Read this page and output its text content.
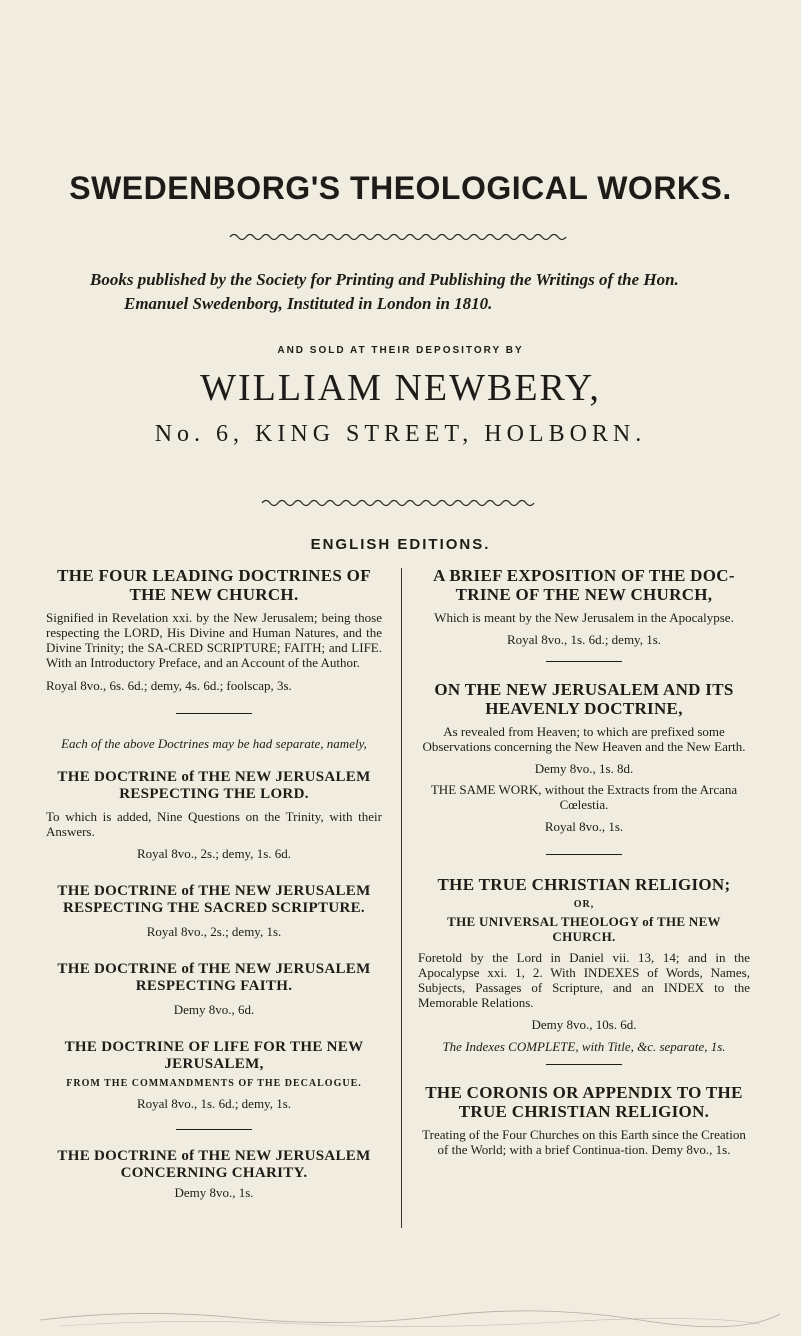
SWEDENBORG'S THEOLOGICAL WORKS.
Books published by the Society for Printing and Publishing the Writings of the Hon.
Emanuel Swedenborg, Instituted in London in 1810.
AND SOLD AT THEIR DEPOSITORY BY
WILLIAM NEWBERY,
No. 6, KING STREET, HOLBORN.
ENGLISH EDITIONS.

THE FOUR LEADING DOCTRINES OF THE NEW CHURCH.

Signified in Revelation xxi. by the New Jerusalem; being those respecting the LORD, His Divine and Human Natures, and the Divine Trinity; the SA-CRED SCRIPTURE; FAITH; and LIFE. With an Introductory Preface, and an Account of the Author.

Royal 8vo., 6s. 6d.; demy, 4s. 6d.; foolscap, 3s.

Each of the above Doctrines may be had separate, namely,

THE DOCTRINE of THE NEW JERUSALEM RESPECTING THE LORD.

To which is added, Nine Questions on the Trinity, with their Answers.

Royal 8vo., 2s.; demy, 1s. 6d.

THE DOCTRINE of THE NEW JERUSALEM RESPECTING THE SACRED SCRIPTURE.

Royal 8vo., 2s.; demy, 1s.

THE DOCTRINE of THE NEW JERUSALEM RESPECTING FAITH.

Demy 8vo., 6d.

THE DOCTRINE OF LIFE FOR THE NEW JERUSALEM,

FROM THE COMMANDMENTS OF THE DECALOGUE.

Royal 8vo., 1s. 6d.; demy, 1s.

THE DOCTRINE of THE NEW JERUSALEM CONCERNING CHARITY.

Demy 8vo., 1s.

A BRIEF EXPOSITION OF THE DOC-TRINE OF THE NEW CHURCH,

Which is meant by the New Jerusalem in the Apocalypse.

Royal 8vo., 1s. 6d.; demy, 1s.

ON THE NEW JERUSALEM AND ITS HEAVENLY DOCTRINE,

As revealed from Heaven; to which are prefixed some Observations concerning the New Heaven and the New Earth.

Demy 8vo., 1s. 8d.

THE SAME WORK, without the Extracts from the Arcana Cœlestia.

Royal 8vo., 1s.

THE TRUE CHRISTIAN RELIGION;

OR,

THE UNIVERSAL THEOLOGY of THE NEW CHURCH.

Foretold by the Lord in Daniel vii. 13, 14; and in the Apocalypse xxi. 1, 2. With INDEXES of Words, Names, Subjects, Passages of Scripture, and an INDEX to the Memorable Relations.

Demy 8vo., 10s. 6d.

The Indexes COMPLETE, with Title, &c. separate, 1s.

THE CORONIS OR APPENDIX TO THE TRUE CHRISTIAN RELIGION.

Treating of the Four Churches on this Earth since the Creation of the World; with a brief Continua-tion. Demy 8vo., 1s.
